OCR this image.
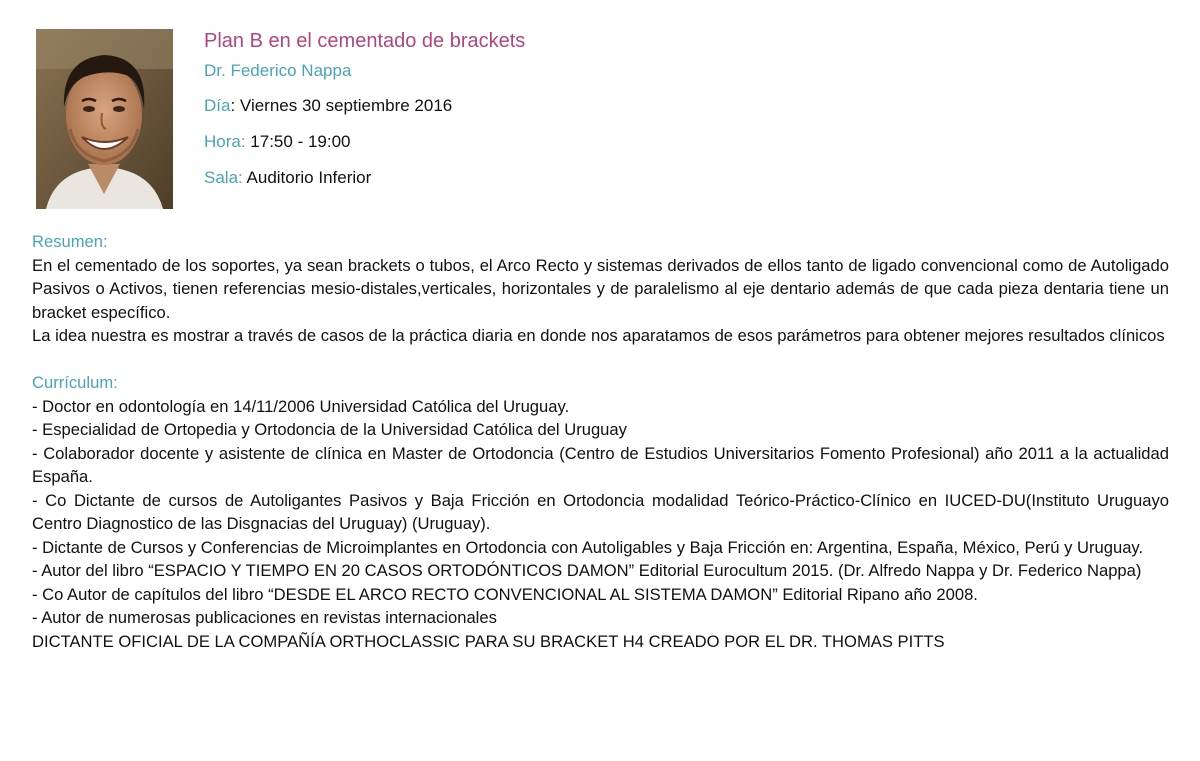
Plan B en el cementado de brackets
Dr. Federico Nappa
Día: Viernes 30 septiembre 2016
Hora: 17:50 - 19:00
Sala: Auditorio Inferior
Resumen:

En el cementado de los soportes, ya sean brackets o tubos, el Arco Recto y sistemas derivados de ellos tanto de ligado convencional como de Autoligado Pasivos o Activos, tienen referencias mesio-distales,verticales, horizontales y de paralelismo al eje dentario además de que cada pieza dentaria tiene un bracket específico.

La idea nuestra es mostrar a través de casos de la práctica diaria en donde nos aparatamos de esos parámetros para obtener mejores resultados clínicos

Currículum:
- Doctor en odontología en 14/11/2006 Universidad Católica del Uruguay.
- Especialidad de Ortopedia y Ortodoncia de la Universidad Católica del Uruguay
- Colaborador docente y asistente de clínica en Master de Ortodoncia (Centro de Estudios Universitarios Fomento Profesional) año 2011 a la actualidad España.
- Co Dictante de cursos de Autoligantes Pasivos y Baja Fricción en Ortodoncia modalidad Teórico-Práctico-Clínico en IUCED-DU(Instituto Uruguayo Centro Diagnostico de las Disgnacias del Uruguay) (Uruguay).
- Dictante de Cursos y Conferencias de Microimplantes en Ortodoncia con Autoligables y Baja Fricción en: Argentina, España, México, Perú y Uruguay.
- Autor del libro “ESPACIO Y TIEMPO EN 20 CASOS ORTODÓNTICOS DAMON” Editorial Eurocultum 2015. (Dr. Alfredo Nappa y Dr. Federico Nappa)
- Co Autor de capítulos del libro “DESDE EL ARCO RECTO CONVENCIONAL AL SISTEMA DAMON” Editorial Ripano año 2008.
- Autor de numerosas publicaciones en revistas internacionales

DICTANTE OFICIAL DE LA COMPAÑÍA ORTHOCLASSIC PARA SU BRACKET H4 CREADO POR EL DR. THOMAS PITTS
